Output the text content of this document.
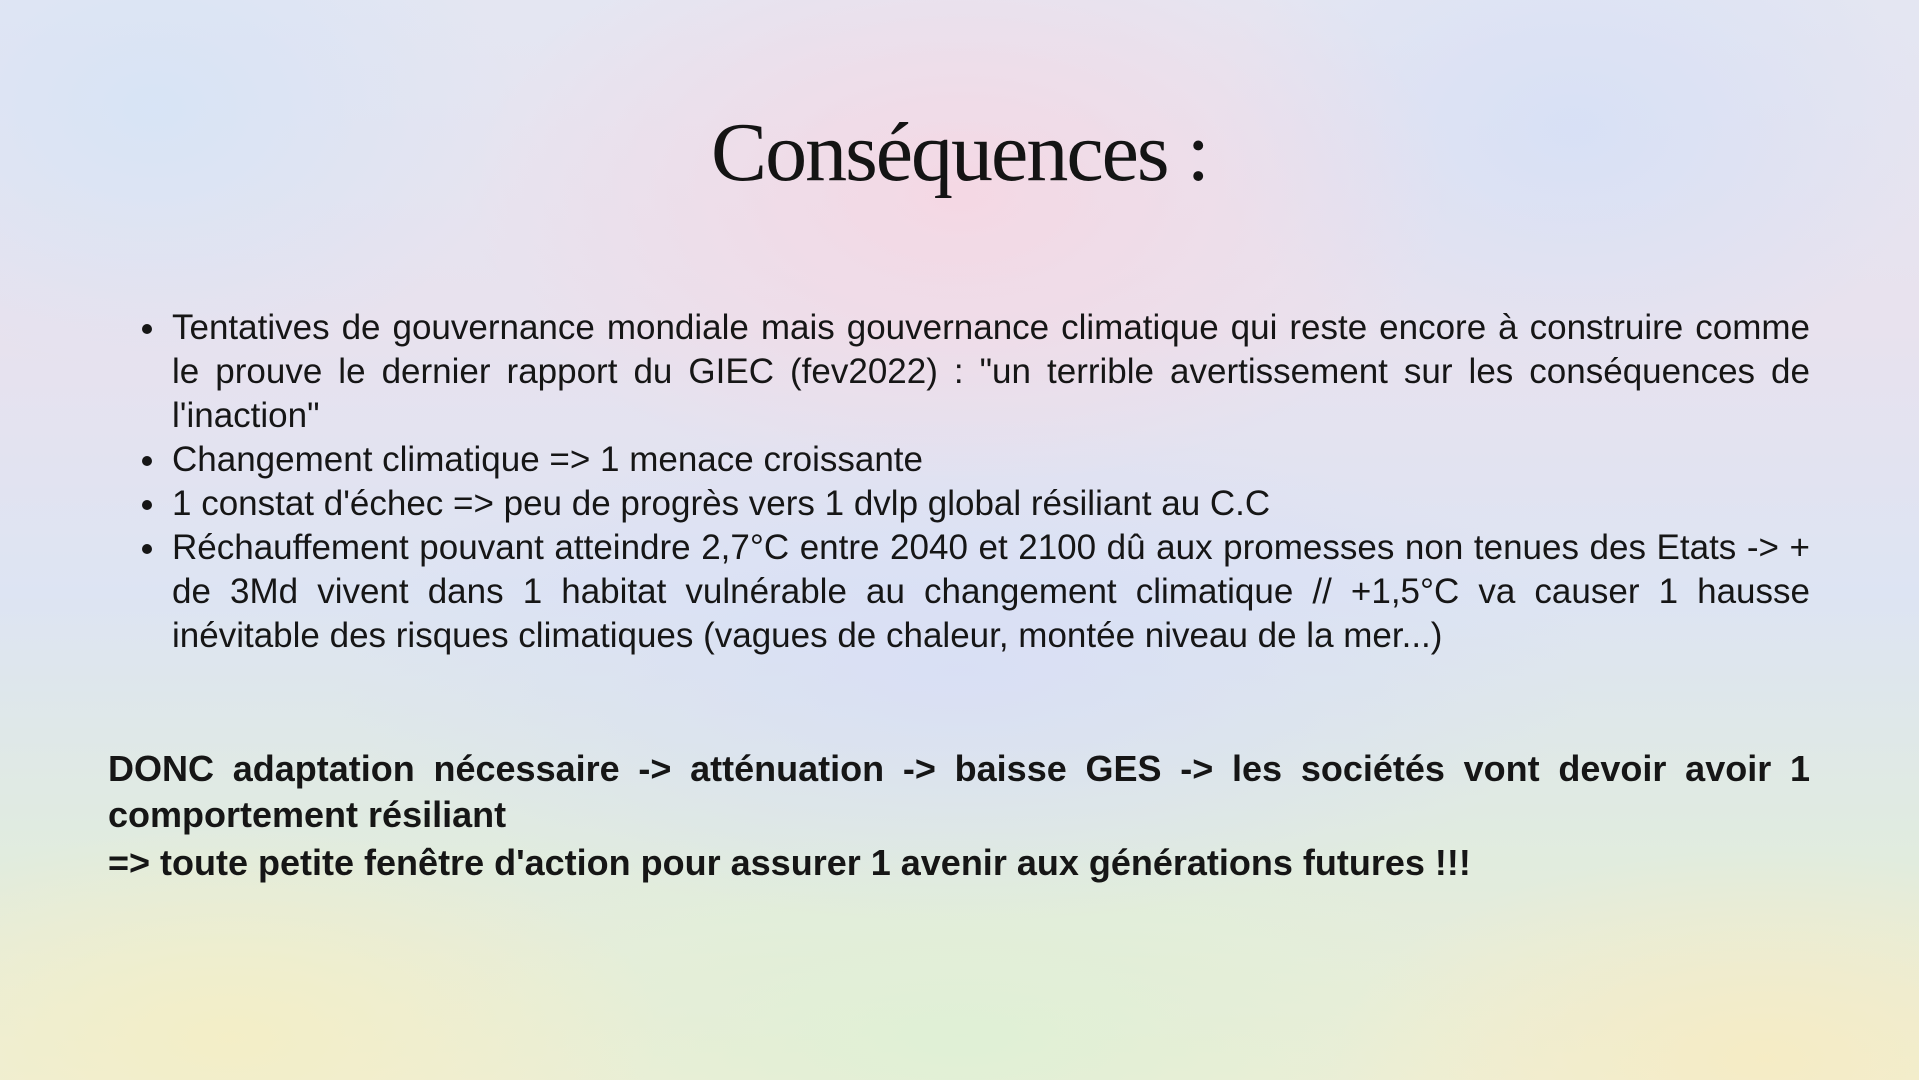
Conséquences :
Tentatives de gouvernance mondiale mais gouvernance climatique qui reste encore à construire comme le prouve le dernier rapport du GIEC (fev2022) : "un terrible avertissement sur les conséquences de l'inaction"
Changement climatique => 1 menace croissante
1 constat d'échec => peu de progrès vers 1 dvlp global résiliant au C.C
Réchauffement pouvant atteindre 2,7°C entre 2040 et 2100 dû aux promesses non tenues des Etats -> + de 3Md vivent dans 1 habitat vulnérable au changement climatique // +1,5°C va causer 1 hausse inévitable des risques climatiques (vagues de chaleur, montée niveau de la mer...)

DONC adaptation nécessaire -> atténuation -> baisse GES -> les sociétés vont devoir avoir 1 comportement résiliant

=> toute petite fenêtre d'action pour assurer 1 avenir aux générations futures !!!
